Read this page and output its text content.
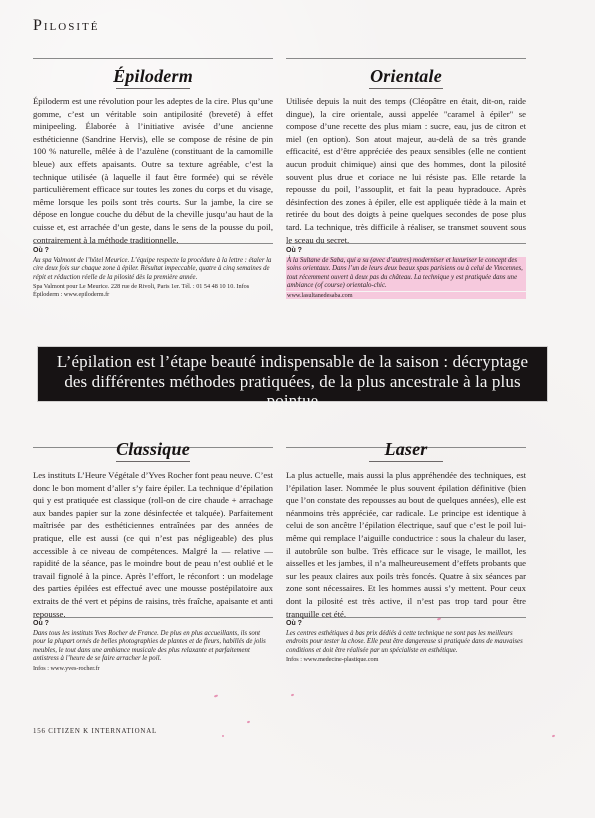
Pilosité
Épiloderm	Orientale
Classique	Laser
Épiloderm est une révolution pour les adeptes de la cire. Plus qu’une gomme, c’est un véritable soin antipilosité (breveté) à effet minipeeling. Élaborée à l’initiative avisée d’une ancienne esthéticienne (Sandrine Hervis), elle se compose de résine de pin 100 % naturelle, mêlée à de l’azulène (constituant de la camomille bleue) aux effets apaisants. Outre sa texture agréable, c’est la technique utilisée (à laquelle il faut être formée) qui se révèle particulièrement efficace sur toutes les zones du corps et du visage, même lorsque les poils sont très courts. Sur la jambe, la cire se dépose en longue couche du début de la cheville jusqu’au haut de la cuisse et, est arrachée d’un geste, dans le sens de la pousse du poil, contrairement à la méthode traditionnelle.
Utilisée depuis la nuit des temps (Cléopâtre en était, dit-on, raide dingue), la cire orientale, aussi appelée "caramel à épiler" se compose d’une recette des plus miam : sucre, eau, jus de citron et miel (en option). Son atout majeur, au-delà de sa très grande efficacité, est d’être appréciée des peaux sensibles (elle ne contient aucun produit chimique) ainsi que des hommes, dont la pilosité souvent plus drue et coriace ne lui résiste pas. Elle retarde la repousse du poil, l’assouplit, et fait la peau hypradouce. Après désinfection des zones à épiler, elle est appliquée tiède à la main et retirée du bout des doigts à peine quelques secondes de pose plus tard. La technique, très difficile à réaliser, se transmet souvent sous le sceau du secret.
Les instituts L’Heure Végétale d’Yves Rocher font peau neuve. C’est donc le bon moment d’aller s’y faire épiler. La technique d’épilation qui y est pratiquée est classique (roll-on de cire chaude + arrachage aux bandes papier sur la zone désinfectée et talquée). Parfaitement maîtrisée par des esthéticiennes entraînées par des années de pratique, elle est aussi (ce qui n’est pas négligeable) des plus accessible à ce niveau de compétences. Malgré la — relative — rapidité de la séance, pas le moindre bout de peau n’est oublié et le travail fignolé à la pince. Après l’effort, le réconfort : un modelage des parties épilées est effectué avec une mousse postépilatoire aux extraits de thé vert et pépins de raisins, très fraîche, apaisante et anti repousse.
La plus actuelle, mais aussi la plus appréhendée des techniques, est l’épilation laser. Nommée le plus souvent épilation définitive (bien que l’on constate des repousses au bout de quelques années), elle est néanmoins très appréciée, car radicale. Le principe est identique à celui de son ancêtre l’épilation électrique, sauf que c’est le poil lui-même qui remplace l’aiguille conductrice : sous la chaleur du laser, il autobrûle son bulbe. Très efficace sur le visage, le maillot, les aisselles et les jambes, il n’a malheureusement d’effets probants que sur les peaux claires aux poils très foncés. Quatre à six séances par zone sont nécessaires. Et les hommes aussi s’y mettent. Pour ceux dont la pilosité est très active, il n’est pas trop tard pour être tranquille cet été.
Où ?
Au spa Valmont de l’hôtel Meurice. L’équipe respecte la procédure à la lettre : étaler la cire deux fois sur chaque zone à épiler. Résultat impeccable, quatre à cinq semaines de répit et réduction réelle de la pilosité dès la première année.
Spa Valmont pour Le Meurice. 228 rue de Rivoli, Paris 1er. Tél. : 01 54 48 10 10. Infos Épiloderm : www.epiloderm.fr
Où ?
À la Sultane de Saba, qui a su (avec d’autres) moderniser et luxuriser le concept des soins orientaux. Dans l’un de leurs deux beaux spas parisiens ou à celui de Vincennes, tout récemment ouvert à deux pas du château. La technique y est pratiquée dans une ambiance (of course) orientalo-chic.
www.lasultanedesaba.com
Où ?
Dans tous les instituts Yves Rocher de France. De plus en plus accueillants, ils sont pour la plupart ornés de belles photographies de plantes et de fleurs, habillés de jolis meubles, le tout dans une ambiance musicale des plus relaxante et parfaitement antistress à l’heure de se faire arracher le poil.
Infos : www.yves-rocher.fr
Où ?
Les centres esthétiques à bas prix dédiés à cette technique ne sont pas les meilleurs endroits pour tester la chose. Elle peut être dangereuse si pratiquée dans de mauvaises conditions et doit être réalisée par un spécialiste en esthétique.
Infos : www.medecine-plastique.com
L’épilation est l’étape beauté indispensable de la saison : décryptage des différentes méthodes pratiquées, de la plus ancestrale à la plus pointue
156 CITIZEN K INTERNATIONAL
